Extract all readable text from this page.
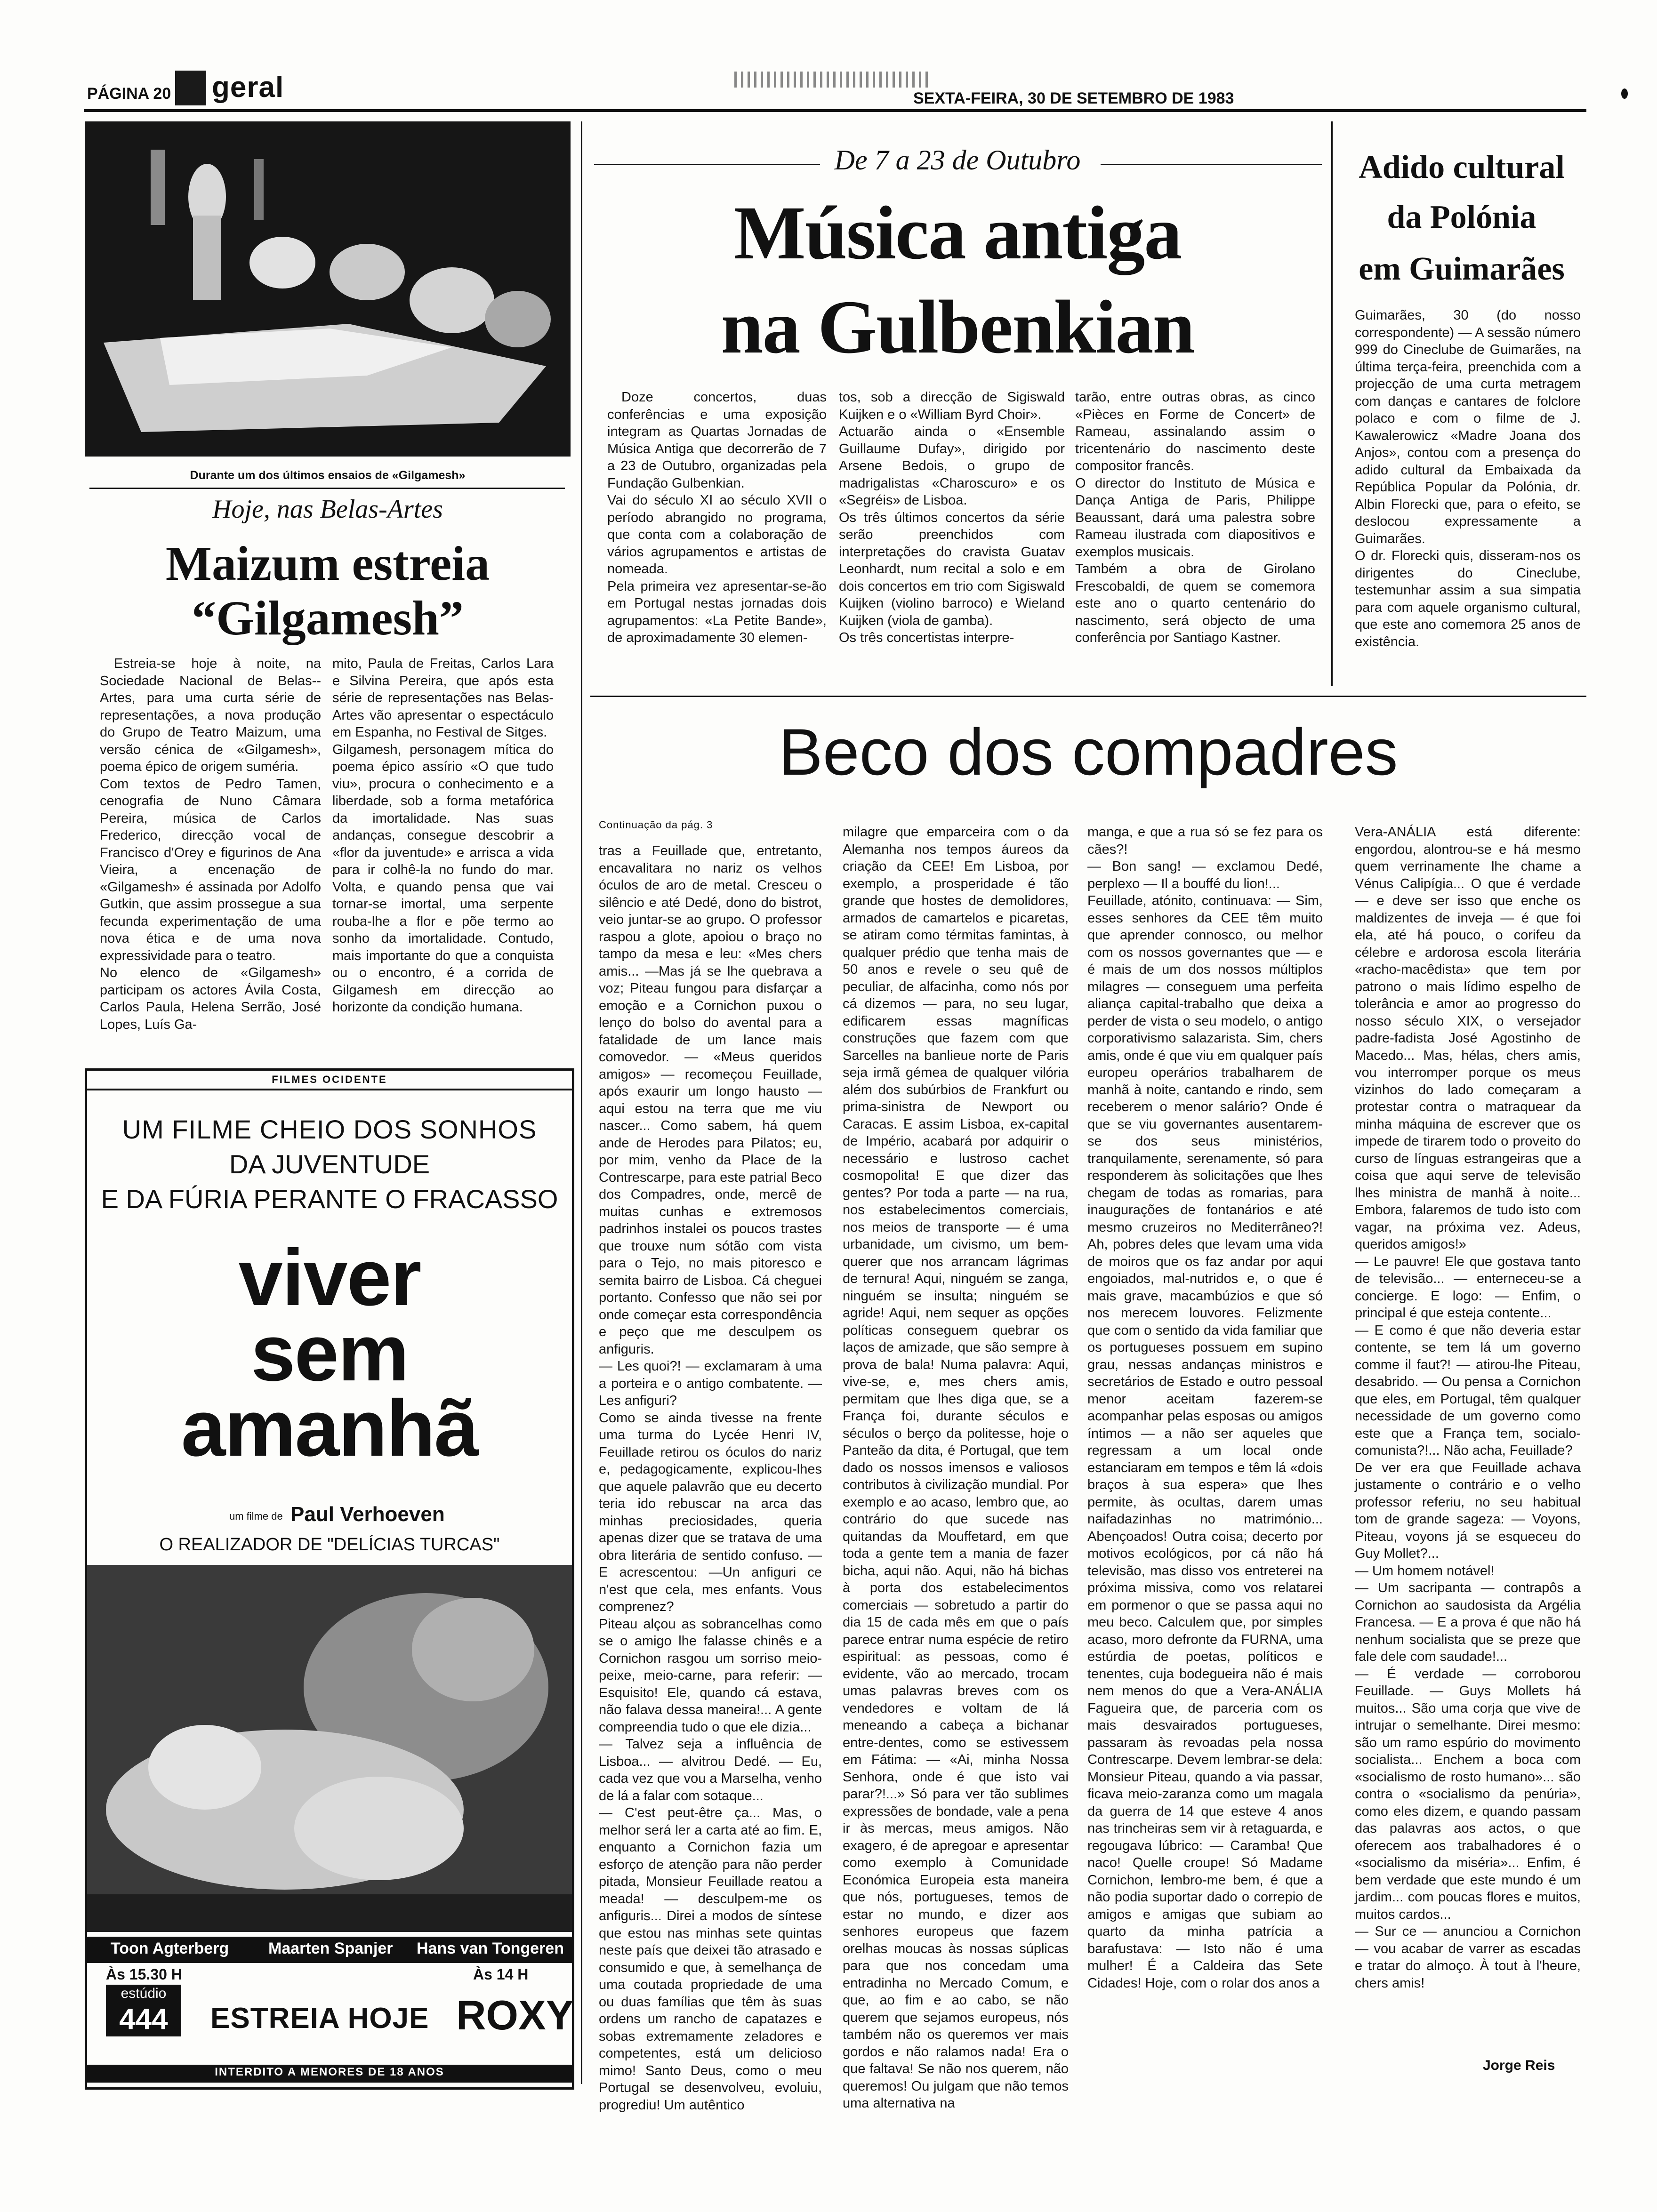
PÁGINA 20 geral	SEXTA-FEIRA, 30 DE SETEMBRO DE 1983
Durante um dos últimos ensaios de «Gilgamesh»
Hoje, nas Belas-Artes
Maizum estreia
“Gilgamesh”
Estreia-se hoje à noite, na Sociedade Nacional de Belas--Artes, para uma curta série de representações, a nova produção do Grupo de Teatro Maizum, uma versão cénica de «Gilgamesh», poema épico de origem suméria.
Com textos de Pedro Tamen, cenografia de Nuno Câmara Pereira, música de Carlos Frederico, direcção vocal de Francisco d'Orey e figurinos de Ana Vieira, a encenação de «Gilgamesh» é assinada por Adolfo Gutkin, que assim prossegue a sua fecunda experimentação de uma nova ética e de uma nova expressividade para o teatro.
No elenco de «Gilgamesh» participam os actores Ávila Costa, Carlos Paula, Helena Serrão, José Lopes, Luís Ga-
mito, Paula de Freitas, Carlos Lara e Silvina Pereira, que após esta série de representações nas Belas-Artes vão apresentar o espectáculo em Espanha, no Festival de Sitges.
Gilgamesh, personagem mítica do poema épico assírio «O que tudo viu», procura o conhecimento e a liberdade, sob a forma metafórica da imortalidade. Nas suas andanças, consegue descobrir a «flor da juventude» e arrisca a vida para ir colhê-la no fundo do mar. Volta, e quando pensa que vai tornar-se imortal, uma serpente rouba-lhe a flor e põe termo ao sonho da imortalidade. Contudo, mais importante do que a conquista ou o encontro, é a corrida de Gilgamesh em direcção ao horizonte da condição humana.
FILMES OCIDENTE
UM FILME CHEIO DOS SONHOS
DA JUVENTUDE
E DA FÚRIA PERANTE O FRACASSO
viver
sem
amanhã
um filme de Paul Verhoeven
O REALIZADOR DE "DELÍCIAS TURCAS"
Toon Agterberg Maarten Spanjer Hans van Tongeren
Às 15.30 H
estúdio
444	ESTREIA HOJE
Às 14 H
ROXY
INTERDITO A MENORES DE 18 ANOS
De 7 a 23 de Outubro
Música antiga
na Gulbenkian
Doze concertos, duas conferências e uma exposição integram as Quartas Jornadas de Música Antiga que decorrerão de 7 a 23 de Outubro, organizadas pela Fundação Gulbenkian.
Vai do século XI ao século XVII o período abrangido no programa, que conta com a colaboração de vários agrupamentos e artistas de nomeada.
Pela primeira vez apresentar-se-ão em Portugal nestas jornadas dois agrupamentos: «La Petite Bande», de aproximadamente 30 elemen-
tos, sob a direcção de Sigiswald Kuijken e o «William Byrd Choir».
Actuarão ainda o «Ensemble Guillaume Dufay», dirigido por Arsene Bedois, o grupo de madrigalistas «Charoscuro» e os «Segréis» de Lisboa.
Os três últimos concertos da série serão preenchidos com interpretações do cravista Guatav Leonhardt, num recital a solo e em dois concertos em trio com Sigiswald Kuijken (violino barroco) e Wieland Kuijken (viola de gamba).
Os três concertistas interpre-
tarão, entre outras obras, as cinco «Pièces en Forme de Concert» de Rameau, assinalando assim o tricentenário do nascimento deste compositor francês.
O director do Instituto de Música e Dança Antiga de Paris, Philippe Beaussant, dará uma palestra sobre Rameau ilustrada com diapositivos e exemplos musicais.
Também a obra de Girolano Frescobaldi, de quem se comemora este ano o quarto centenário do nascimento, será objecto de uma conferência por Santiago Kastner.
Adido cultural
da Polónia
em Guimarães
Guimarães, 30 (do nosso correspondente) — A sessão número 999 do Cineclube de Guimarães, na última terça-feira, preenchida com a projecção de uma curta metragem com danças e cantares de folclore polaco e com o filme de J. Kawalerowicz «Madre Joana dos Anjos», contou com a presença do adido cultural da Embaixada da República Popular da Polónia, dr. Albin Florecki que, para o efeito, se deslocou expressamente a Guimarães.
O dr. Florecki quis, disseram-nos os dirigentes do Cineclube, testemunhar assim a sua simpatia para com aquele organismo cultural, que este ano comemora 25 anos de existência.
Beco dos compadres
Continuação da pág. 3
tras a Feuillade que, entretanto, encavalitara no nariz os velhos óculos de aro de metal. Cresceu o silêncio e até Dedé, dono do bistrot, veio juntar-se ao grupo. O professor raspou a glote, apoiou o braço no tampo da mesa e leu: «Mes chers amis... —Mas já se lhe quebrava a voz; Piteau fungou para disfarçar a emoção e a Cornichon puxou o lenço do bolso do avental para a fatalidade de um lance mais comovedor. — «Meus queridos amigos» — recomeçou Feuillade, após exaurir um longo hausto — aqui estou na terra que me viu nascer... Como sabem, há quem ande de Herodes para Pilatos; eu, por mim, venho da Place de la Contrescarpe, para este patrial Beco dos Compadres, onde, mercê de muitas cunhas e extremosos padrinhos instalei os poucos trastes que trouxe num sótão com vista para o Tejo, no mais pitoresco e semita bairro de Lisboa. Cá cheguei portanto. Confesso que não sei por onde começar esta correspondência e peço que me desculpem os anfiguris.
— Les quoi?! — exclamaram à uma a porteira e o antigo combatente. — Les anfiguri?
Como se ainda tivesse na frente uma turma do Lycée Henri IV, Feuillade retirou os óculos do nariz e, pedagogicamente, explicou-lhes que aquele palavrão que eu decerto teria ido rebuscar na arca das minhas preciosidades, queria apenas dizer que se tratava de uma obra literária de sentido confuso. — E acrescentou: —Un anfiguri ce n'est que cela, mes enfants. Vous comprenez?
Piteau alçou as sobrancelhas como se o amigo lhe falasse chinês e a Cornichon rasgou um sorriso meio-peixe, meio-carne, para referir: — Esquisito! Ele, quando cá estava, não falava dessa maneira!... A gente compreendia tudo o que ele dizia...
— Talvez seja a influência de Lisboa... — alvitrou Dedé. — Eu, cada vez que vou a Marselha, venho de lá a falar com sotaque...
— C'est peut-être ça... Mas, o melhor será ler a carta até ao fim. E, enquanto a Cornichon fazia um esforço de atenção para não perder pitada, Monsieur Feuillade reatou a meada! — desculpem-me os anfiguris... Direi a modos de síntese que estou nas minhas sete quintas neste país que deixei tão atrasado e consumido e que, à semelhança de uma coutada propriedade de uma ou duas famílias que têm às suas ordens um rancho de capatazes e sobas extremamente zeladores e competentes, está um delicioso mimo! Santo Deus, como o meu Portugal se desenvolveu, evoluiu, progrediu! Um autêntico
milagre que emparceira com o da Alemanha nos tempos áureos da criação da CEE! Em Lisboa, por exemplo, a prosperidade é tão grande que hostes de demolidores, armados de camartelos e picaretas, se atiram como térmitas famintas, à qualquer prédio que tenha mais de 50 anos e revele o seu quê de peculiar, de alfacinha, como nós por cá dizemos — para, no seu lugar, edificarem essas magníficas construções que fazem com que Sarcelles na banlieue norte de Paris seja irmã gémea de qualquer vilória além dos subúrbios de Frankfurt ou prima-sinistra de Newport ou Caracas. E assim Lisboa, ex-capital de Império, acabará por adquirir o necessário e lustroso cachet cosmopolita! E que dizer das gentes? Por toda a parte — na rua, nos estabelecimentos comerciais, nos meios de transporte — é uma urbanidade, um civismo, um bem-querer que nos arrancam lágrimas de ternura! Aqui, ninguém se zanga, ninguém se insulta; ninguém se agride! Aqui, nem sequer as opções políticas conseguem quebrar os laços de amizade, que são sempre à prova de bala! Numa palavra: Aqui, vive-se, e, mes chers amis, permitam que lhes diga que, se a França foi, durante séculos e séculos o berço da politesse, hoje o Panteão da dita, é Portugal, que tem dado os nossos imensos e valiosos contributos à civilização mundial. Por exemplo e ao acaso, lembro que, ao contrário do que sucede nas quitandas da Mouffetard, em que toda a gente tem a mania de fazer bicha, aqui não. Aqui, não há bichas à porta dos estabelecimentos comerciais — sobretudo a partir do dia 15 de cada mês em que o país parece entrar numa espécie de retiro espiritual: as pessoas, como é evidente, vão ao mercado, trocam umas palavras breves com os vendedores e voltam de lá meneando a cabeça a bichanar entre-dentes, como se estivessem em Fátima: — «Ai, minha Nossa Senhora, onde é que isto vai parar?!...» Só para ver tão sublimes expressões de bondade, vale a pena ir às mercas, meus amigos. Não exagero, é de apregoar e apresentar como exemplo à Comunidade Económica Europeia esta maneira que nós, portugueses, temos de estar no mundo, e dizer aos senhores europeus que fazem orelhas moucas às nossas súplicas para que nos concedam uma entradinha no Mercado Comum, e que, ao fim e ao cabo, se não querem que sejamos europeus, nós também não os queremos ver mais gordos e não ralamos nada! Era o que faltava! Se não nos querem, não queremos! Ou julgam que não temos uma alternativa na
manga, e que a rua só se fez para os cães?!
— Bon sang! — exclamou Dedé, perplexo — Il a bouffé du lion!...
Feuillade, atónito, continuava: — Sim, esses senhores da CEE têm muito que aprender connosco, ou melhor com os nossos governantes que — e é mais de um dos nossos múltiplos milagres — conseguem uma perfeita aliança capital-trabalho que deixa a perder de vista o seu modelo, o antigo corporativismo salazarista. Sim, chers amis, onde é que viu em qualquer país europeu operários trabalharem de manhã à noite, cantando e rindo, sem receberem o menor salário? Onde é que se viu governantes ausentarem-se dos seus ministérios, tranquilamente, serenamente, só para responderem às solicitações que lhes chegam de todas as romarias, para inaugurações de fontanários e até mesmo cruzeiros no Mediterrâneo?! Ah, pobres deles que levam uma vida de moiros que os faz andar por aqui engoiados, mal-nutridos e, o que é mais grave, macambúzios e que só nos merecem louvores. Felizmente que com o sentido da vida familiar que os portugueses possuem em supino grau, nessas andanças ministros e secretários de Estado e outro pessoal menor aceitam fazerem-se acompanhar pelas esposas ou amigos íntimos — a não ser aqueles que regressam a um local onde estanciaram em tempos e têm lá «dois braços à sua espera» que lhes permite, às ocultas, darem umas naifadazinhas no matrimónio... Abençoados! Outra coisa; decerto por motivos ecológicos, por cá não há televisão, mas disso vos entreterei na próxima missiva, como vos relatarei em pormenor o que se passa aqui no meu beco. Calculem que, por simples acaso, moro defronte da FURNA, uma estúrdia de poetas, políticos e tenentes, cuja bodegueira não é mais nem menos do que a Vera-ANÁLIA Fagueira que, de parceria com os mais desvairados portugueses, passaram às revoadas pela nossa Contrescarpe. Devem lembrar-se dela: Monsieur Piteau, quando a via passar, ficava meio-zaranza como um magala da guerra de 14 que esteve 4 anos nas trincheiras sem vir à retaguarda, e regougava lúbrico: — Caramba! Que naco! Quelle croupe! Só Madame Cornichon, lembro-me bem, é que a não podia suportar dado o correpio de amigos e amigas que subiam ao quarto da minha patrícia a barafustava: — Isto não é uma mulher! É a Caldeira das Sete Cidades! Hoje, com o rolar dos anos a
Vera-ANÁLIA está diferente: engordou, alontrou-se e há mesmo quem verrinamente lhe chame a Vénus Calipígia... O que é verdade — e deve ser isso que enche os maldizentes de inveja — é que foi ela, até há pouco, o corifeu da célebre e ardorosa escola literária «racho-macêdista» que tem por patrono o mais lídimo espelho de tolerância e amor ao progresso do nosso século XIX, o versejador padre-fadista José Agostinho de Macedo... Mas, hélas, chers amis, vou interromper porque os meus vizinhos do lado começaram a protestar contra o matraquear da minha máquina de escrever que os impede de tirarem todo o proveito do curso de línguas estrangeiras que a coisa que aqui serve de televisão lhes ministra de manhã à noite... Embora, falaremos de tudo isto com vagar, na próxima vez. Adeus, queridos amigos!»
— Le pauvre! Ele que gostava tanto de televisão... — enterneceu-se a concierge. E logo: — Enfim, o principal é que esteja contente...
— E como é que não deveria estar contente, se tem lá um governo comme il faut?! — atirou-lhe Piteau, desabrido. — Ou pensa a Cornichon que eles, em Portugal, têm qualquer necessidade de um governo como este que a França tem, socialo-comunista?!... Não acha, Feuillade?
De ver era que Feuillade achava justamente o contrário e o velho professor referiu, no seu habitual tom de grande sageza: — Voyons, Piteau, voyons já se esqueceu do Guy Mollet?...
— Um homem notável!
— Um sacripanta — contrapôs a Cornichon ao saudosista da Argélia Francesa. — E a prova é que não há nenhum socialista que se preze que fale dele com saudade!...
— É verdade — corroborou Feuillade. — Guys Mollets há muitos... São uma corja que vive de intrujar o semelhante. Direi mesmo: são um ramo espúrio do movimento socialista... Enchem a boca com «socialismo de rosto humano»... são contra o «socialismo da penúria», como eles dizem, e quando passam das palavras aos actos, o que oferecem aos trabalhadores é o «socialismo da miséria»... Enfim, é bem verdade que este mundo é um jardim... com poucas flores e muitos, muitos cardos...
— Sur ce — anunciou a Cornichon — vou acabar de varrer as escadas e tratar do almoço. À tout à l'heure, chers amis!
Jorge Reis
